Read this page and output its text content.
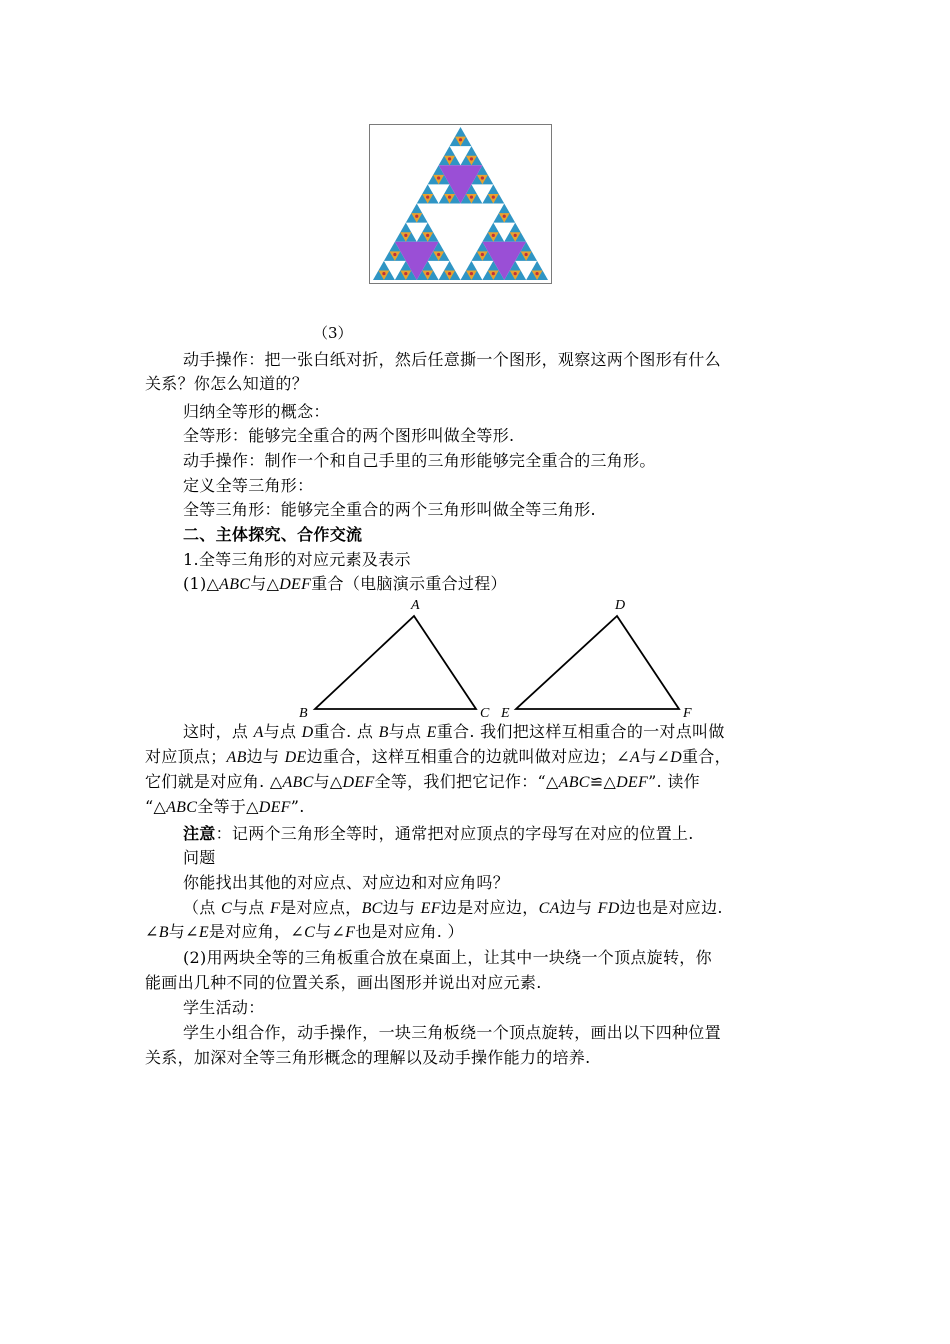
（3）
动手操作：把一张白纸对折，然后任意撕一个图形，观察这两个图形有什么
关系？你怎么知道的？
归纳全等形的概念：
全等形：能够完全重合的两个图形叫做全等形.
动手操作：制作一个和自己手里的三角形能够完全重合的三角形。
定义全等三角形：
全等三角形：能够完全重合的两个三角形叫做全等三角形.
二、主体探究、合作交流
1.全等三角形的对应元素及表示
(1)△ABC与△DEF重合（电脑演示重合过程）
A
B	C
D
E	F
这时，点 A与点 D重合. 点 B与点 E重合. 我们把这样互相重合的一对点叫做
对应顶点；AB边与 DE边重合，这样互相重合的边就叫做对应边；∠A与∠D重合，
它们就是对应角. △ABC与△DEF全等，我们把它记作：“△ABC≌△DEF”. 读作
“△ABC全等于△DEF”.
注意：记两个三角形全等时，通常把对应顶点的字母写在对应的位置上.
问题
你能找出其他的对应点、对应边和对应角吗？
（点 C与点 F是对应点，BC边与 EF边是对应边，CA边与 FD边也是对应边.
∠B与∠E是对应角，∠C与∠F也是对应角. ）
(2)用两块全等的三角板重合放在桌面上，让其中一块绕一个顶点旋转，你
能画出几种不同的位置关系，画出图形并说出对应元素.
学生活动：
学生小组合作，动手操作，一块三角板绕一个顶点旋转，画出以下四种位置
关系，加深对全等三角形概念的理解以及动手操作能力的培养.
